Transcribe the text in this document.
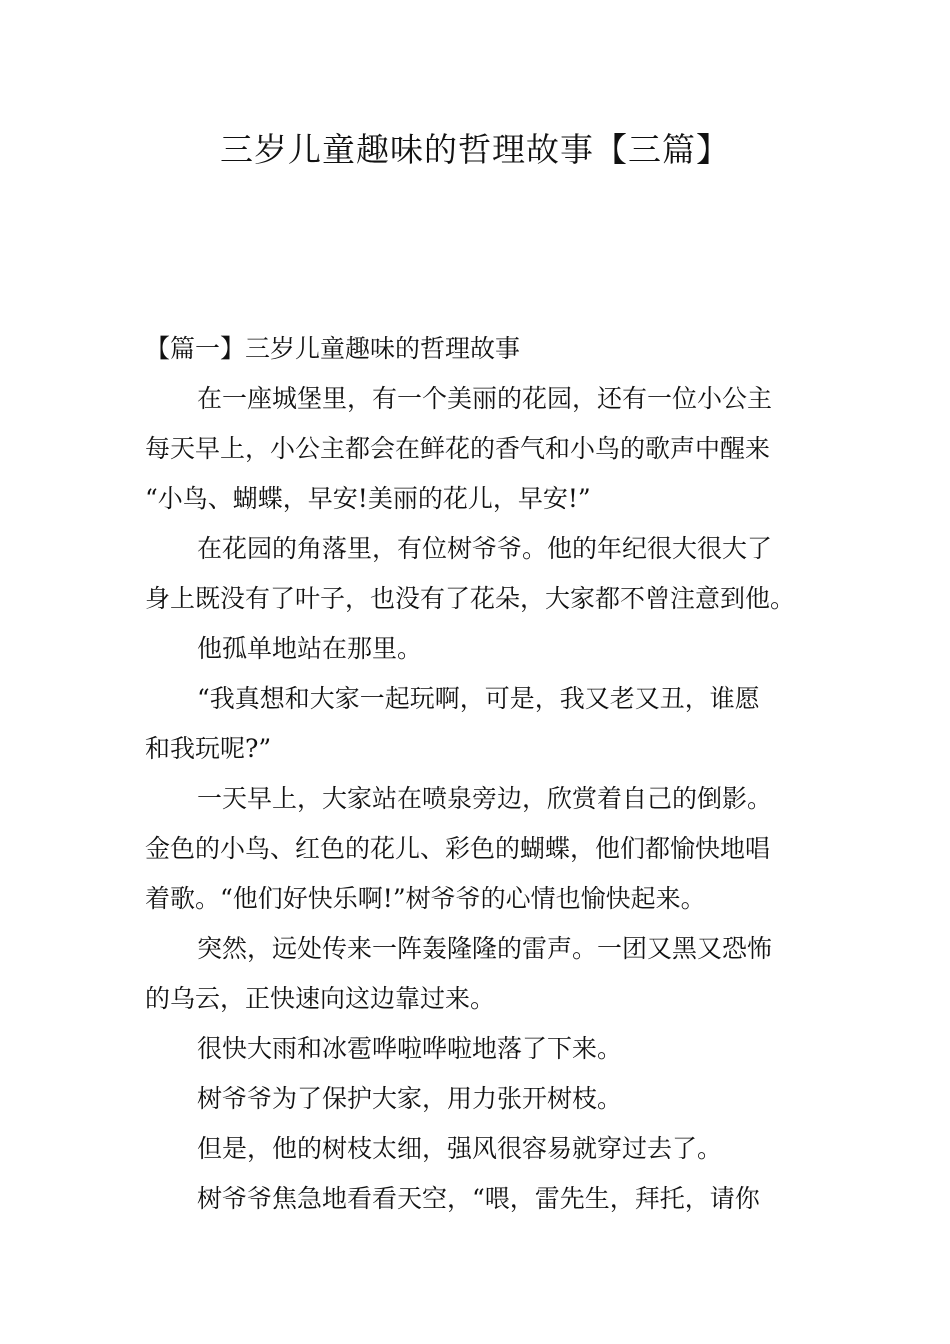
三岁儿童趣味的哲理故事【三篇】
【篇一】三岁儿童趣味的哲理故事
在一座城堡里，有一个美丽的花园，还有一位小公主
每天早上，小公主都会在鲜花的香气和小鸟的歌声中醒来
“小鸟、蝴蝶，早安!美丽的花儿，早安!”
在花园的角落里，有位树爷爷。他的年纪很大很大了
身上既没有了叶子，也没有了花朵，大家都不曾注意到他。
他孤单地站在那里。
“我真想和大家一起玩啊，可是，我又老又丑，谁愿
和我玩呢?”
一天早上，大家站在喷泉旁边，欣赏着自己的倒影。
金色的小鸟、红色的花儿、彩色的蝴蝶，他们都愉快地唱
着歌。“他们好快乐啊!”树爷爷的心情也愉快起来。
突然，远处传来一阵轰隆隆的雷声。一团又黑又恐怖
的乌云，正快速向这边靠过来。
很快大雨和冰雹哗啦哗啦地落了下来。
树爷爷为了保护大家，用力张开树枝。
但是，他的树枝太细，强风很容易就穿过去了。
树爷爷焦急地看看天空，“喂，雷先生，拜托，请你
